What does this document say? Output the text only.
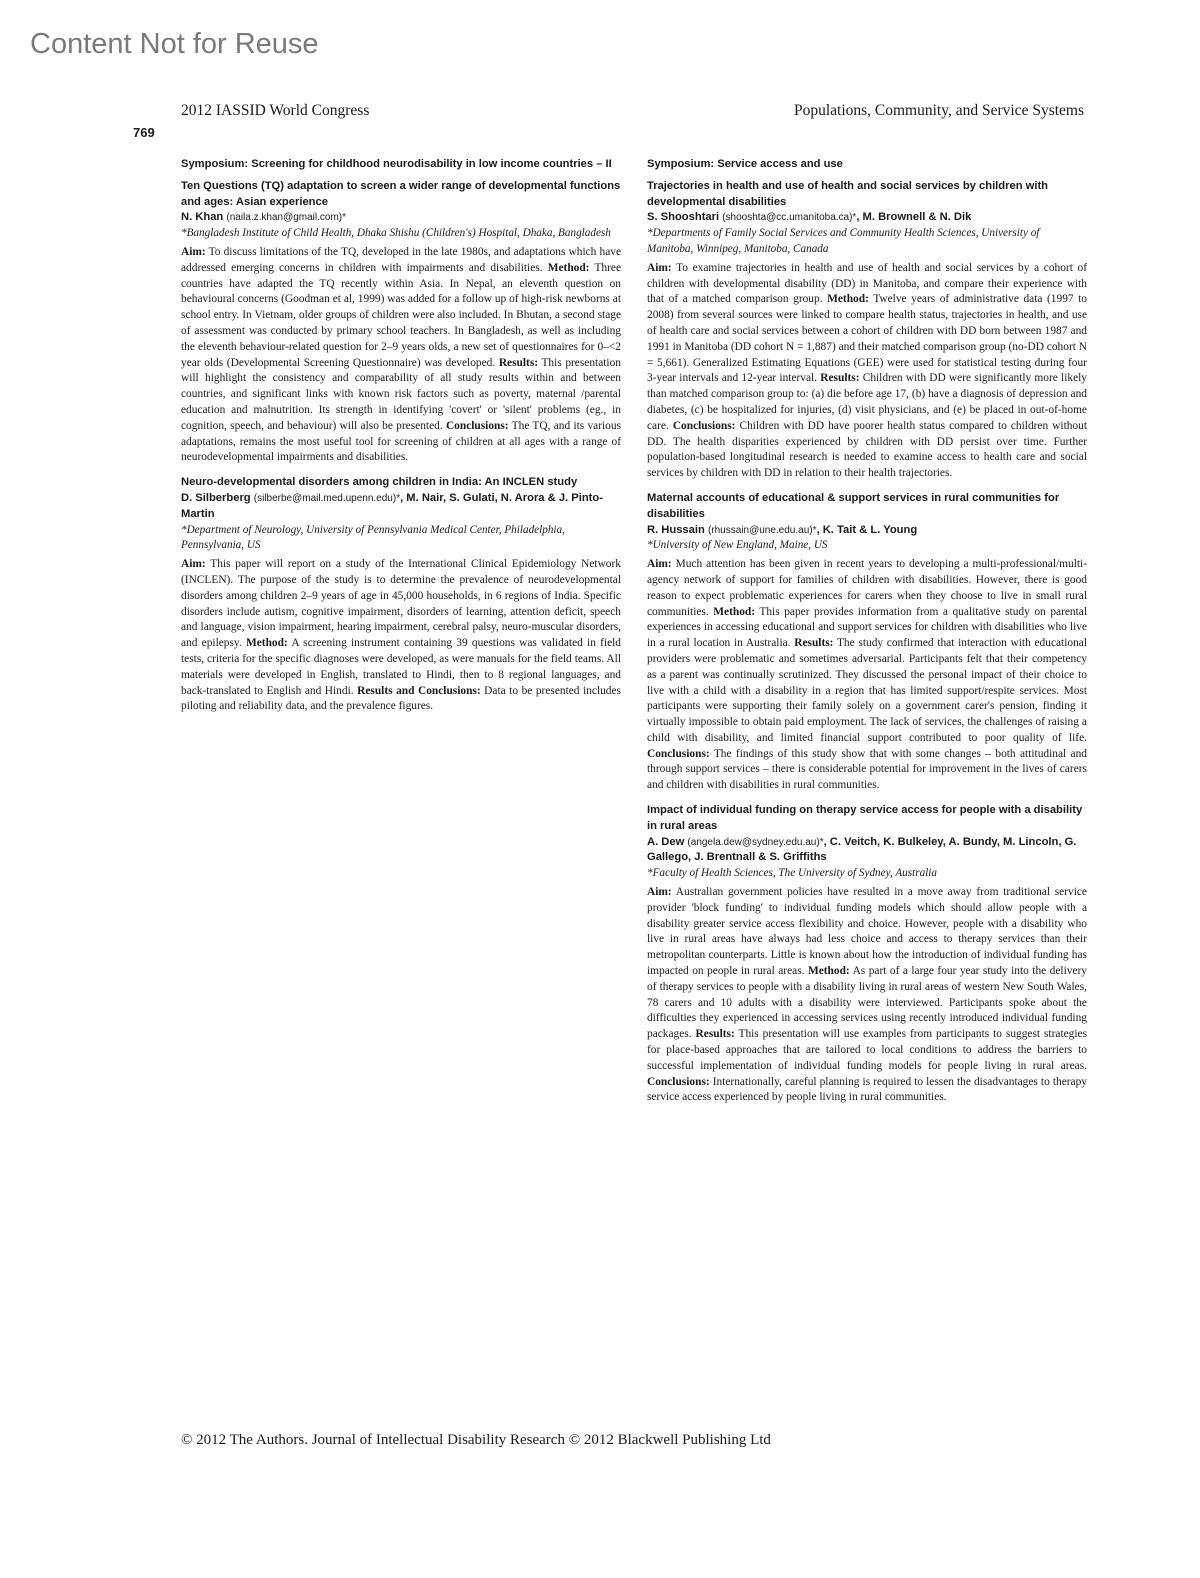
Content Not for Reuse
2012 IASSID World Congress	Populations, Community, and Service Systems
769
Symposium: Screening for childhood neurodisability in low income countries – II

Ten Questions (TQ) adaptation to screen a wider range of developmental functions and ages: Asian experience

N. Khan (naila.z.khan@gmail.com)*

*Bangladesh Institute of Child Health, Dhaka Shishu (Children's) Hospital, Dhaka, Bangladesh

Aim: To discuss limitations of the TQ, developed in the late 1980s, and adaptations which have addressed emerging concerns in children with impairments and disabilities. Method: Three countries have adapted the TQ recently within Asia. In Nepal, an eleventh question on behavioural concerns (Goodman et al, 1999) was added for a follow up of high-risk newborns at school entry. In Vietnam, older groups of children were also included. In Bhutan, a second stage of assessment was conducted by primary school teachers. In Bangladesh, as well as including the eleventh behaviour-related question for 2–9 years olds, a new set of questionnaires for 0–<2 year olds (Developmental Screening Questionnaire) was developed. Results: This presentation will highlight the consistency and comparability of all study results within and between countries, and significant links with known risk factors such as poverty, maternal /parental education and malnutrition. Its strength in identifying 'covert' or 'silent' problems (eg., in cognition, speech, and behaviour) will also be presented. Conclusions: The TQ, and its various adaptations, remains the most useful tool for screening of children at all ages with a range of neurodevelopmental impairments and disabilities.

Neuro-developmental disorders among children in India: An INCLEN study

D. Silberberg (silberbe@mail.med.upenn.edu)*, M. Nair, S. Gulati, N. Arora & J. Pinto-Martin

*Department of Neurology, University of Pennsylvania Medical Center, Philadelphia, Pennsylvania, US

Aim: This paper will report on a study of the International Clinical Epidemiology Network (INCLEN). The purpose of the study is to determine the prevalence of neurodevelopmental disorders among children 2–9 years of age in 45,000 households, in 6 regions of India. Specific disorders include autism, cognitive impairment, disorders of learning, attention deficit, speech and language, vision impairment, hearing impairment, cerebral palsy, neuro-muscular disorders, and epilepsy. Method: A screening instrument containing 39 questions was validated in field tests, criteria for the specific diagnoses were developed, as were manuals for the field teams. All materials were developed in English, translated to Hindi, then to 8 regional languages, and back-translated to English and Hindi. Results and Conclusions: Data to be presented includes piloting and reliability data, and the prevalence figures.

Symposium: Service access and use

Trajectories in health and use of health and social services by children with developmental disabilities

S. Shooshtari (shooshta@cc.umanitoba.ca)*, M. Brownell & N. Dik

*Departments of Family Social Services and Community Health Sciences, University of Manitoba, Winnipeg, Manitoba, Canada

Aim: To examine trajectories in health and use of health and social services by a cohort of children with developmental disability (DD) in Manitoba, and compare their experience with that of a matched comparison group. Method: Twelve years of administrative data (1997 to 2008) from several sources were linked to compare health status, trajectories in health, and use of health care and social services between a cohort of children with DD born between 1987 and 1991 in Manitoba (DD cohort N = 1,887) and their matched comparison group (no-DD cohort N = 5,661). Generalized Estimating Equations (GEE) were used for statistical testing during four 3-year intervals and 12-year interval. Results: Children with DD were significantly more likely than matched comparison group to: (a) die before age 17, (b) have a diagnosis of depression and diabetes, (c) be hospitalized for injuries, (d) visit physicians, and (e) be placed in out-of-home care. Conclusions: Children with DD have poorer health status compared to children without DD. The health disparities experienced by children with DD persist over time. Further population-based longitudinal research is needed to examine access to health care and social services by children with DD in relation to their health trajectories.

Maternal accounts of educational & support services in rural communities for disabilities

R. Hussain (rhussain@une.edu.au)*, K. Tait & L. Young

*University of New England, Maine, US

Aim: Much attention has been given in recent years to developing a multi-professional/multi-agency network of support for families of children with disabilities. However, there is good reason to expect problematic experiences for carers when they choose to live in small rural communities. Method: This paper provides information from a qualitative study on parental experiences in accessing educational and support services for children with disabilities who live in a rural location in Australia. Results: The study confirmed that interaction with educational providers were problematic and sometimes adversarial. Participants felt that their competency as a parent was continually scrutinized. They discussed the personal impact of their choice to live with a child with a disability in a region that has limited support/respite services. Most participants were supporting their family solely on a government carer's pension, finding it virtually impossible to obtain paid employment. The lack of services, the challenges of raising a child with disability, and limited financial support contributed to poor quality of life. Conclusions: The findings of this study show that with some changes – both attitudinal and through support services – there is considerable potential for improvement in the lives of carers and children with disabilities in rural communities.

Impact of individual funding on therapy service access for people with a disability in rural areas

A. Dew (angela.dew@sydney.edu.au)*, C. Veitch, K. Bulkeley, A. Bundy, M. Lincoln, G. Gallego, J. Brentnall & S. Griffiths

*Faculty of Health Sciences, The University of Sydney, Australia

Aim: Australian government policies have resulted in a move away from traditional service provider 'block funding' to individual funding models which should allow people with a disability greater service access flexibility and choice. However, people with a disability who live in rural areas have always had less choice and access to therapy services than their metropolitan counterparts. Little is known about how the introduction of individual funding has impacted on people in rural areas. Method: As part of a large four year study into the delivery of therapy services to people with a disability living in rural areas of western New South Wales, 78 carers and 10 adults with a disability were interviewed. Participants spoke about the difficulties they experienced in accessing services using recently introduced individual funding packages. Results: This presentation will use examples from participants to suggest strategies for place-based approaches that are tailored to local conditions to address the barriers to successful implementation of individual funding models for people living in rural areas. Conclusions: Internationally, careful planning is required to lessen the disadvantages to therapy service access experienced by people living in rural communities.

© 2012 The Authors. Journal of Intellectual Disability Research © 2012 Blackwell Publishing Ltd
